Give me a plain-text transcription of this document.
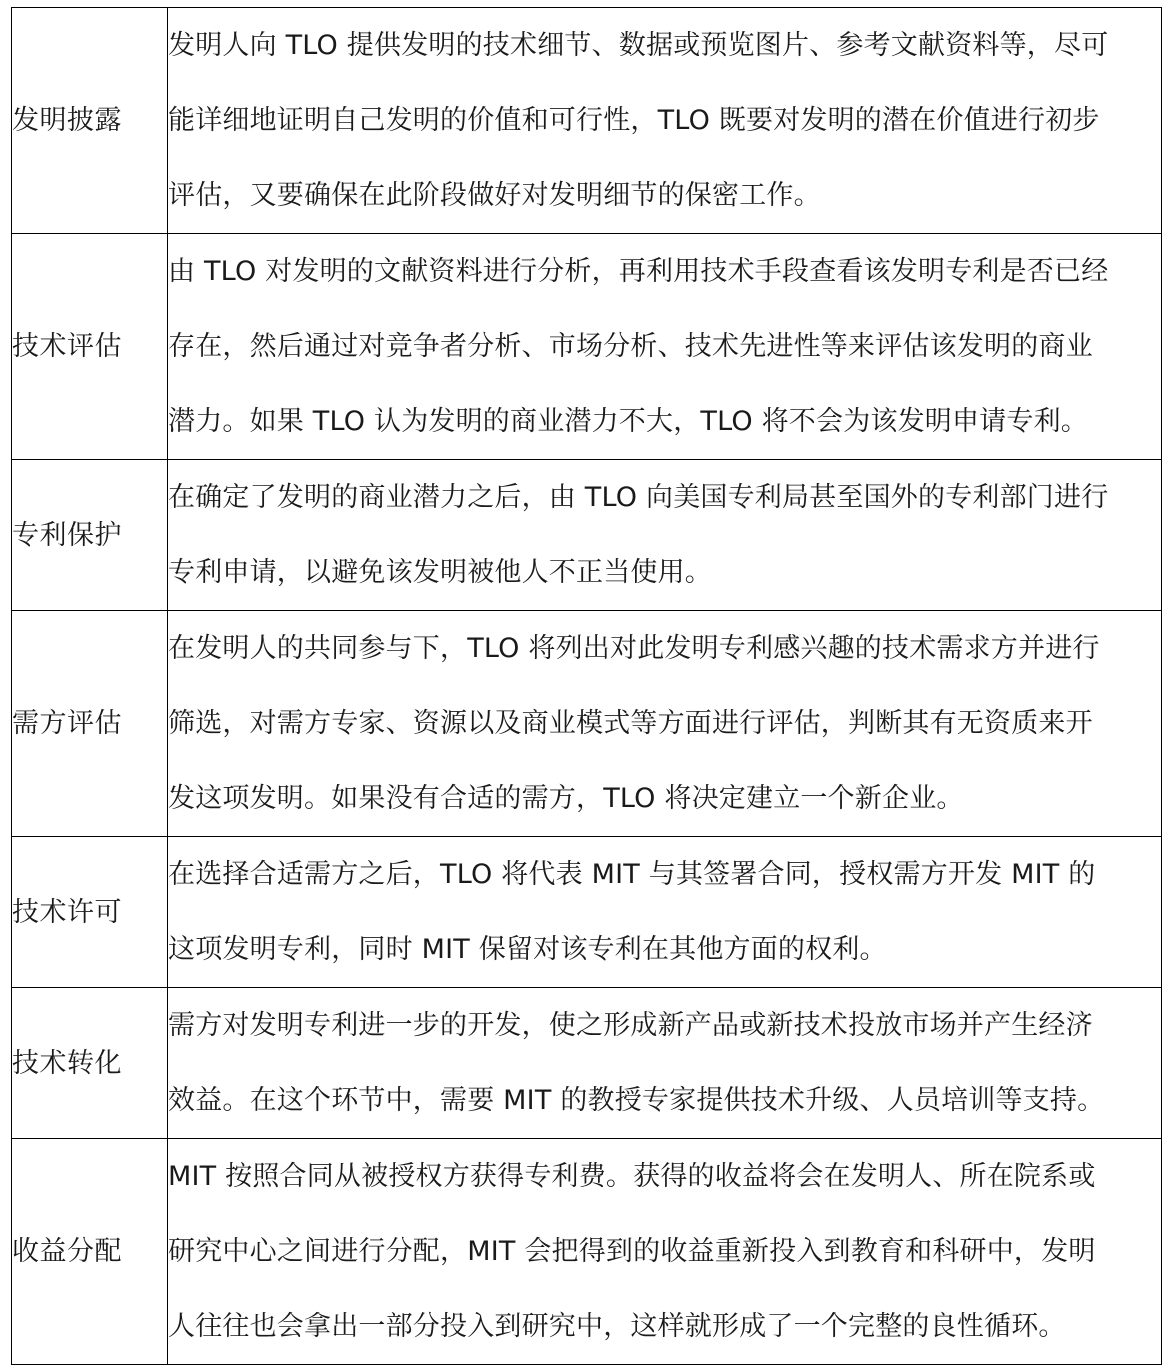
发明披露	发明人向 TLO 提供发明的技术细节、数据或预览图片、参考文献资料等，尽可
能详细地证明自己发明的价值和可行性，TLO 既要对发明的潜在价值进行初步
评估，又要确保在此阶段做好对发明细节的保密工作。

技术评估	由 TLO 对发明的文献资料进行分析，再利用技术手段查看该发明专利是否已经
存在，然后通过对竞争者分析、市场分析、技术先进性等来评估该发明的商业
潜力。如果 TLO 认为发明的商业潜力不大，TLO 将不会为该发明申请专利。

专利保护	在确定了发明的商业潜力之后，由 TLO 向美国专利局甚至国外的专利部门进行
专利申请，以避免该发明被他人不正当使用。

需方评估	在发明人的共同参与下，TLO 将列出对此发明专利感兴趣的技术需求方并进行
筛选，对需方专家、资源以及商业模式等方面进行评估，判断其有无资质来开
发这项发明。如果没有合适的需方，TLO 将决定建立一个新企业。

技术许可	在选择合适需方之后，TLO 将代表 MIT 与其签署合同，授权需方开发 MIT 的
这项发明专利，同时 MIT 保留对该专利在其他方面的权利。

技术转化	需方对发明专利进一步的开发，使之形成新产品或新技术投放市场并产生经济
效益。在这个环节中，需要 MIT 的教授专家提供技术升级、人员培训等支持。

收益分配	MIT 按照合同从被授权方获得专利费。获得的收益将会在发明人、所在院系或
研究中心之间进行分配，MIT 会把得到的收益重新投入到教育和科研中，发明
人往往也会拿出一部分投入到研究中，这样就形成了一个完整的良性循环。
